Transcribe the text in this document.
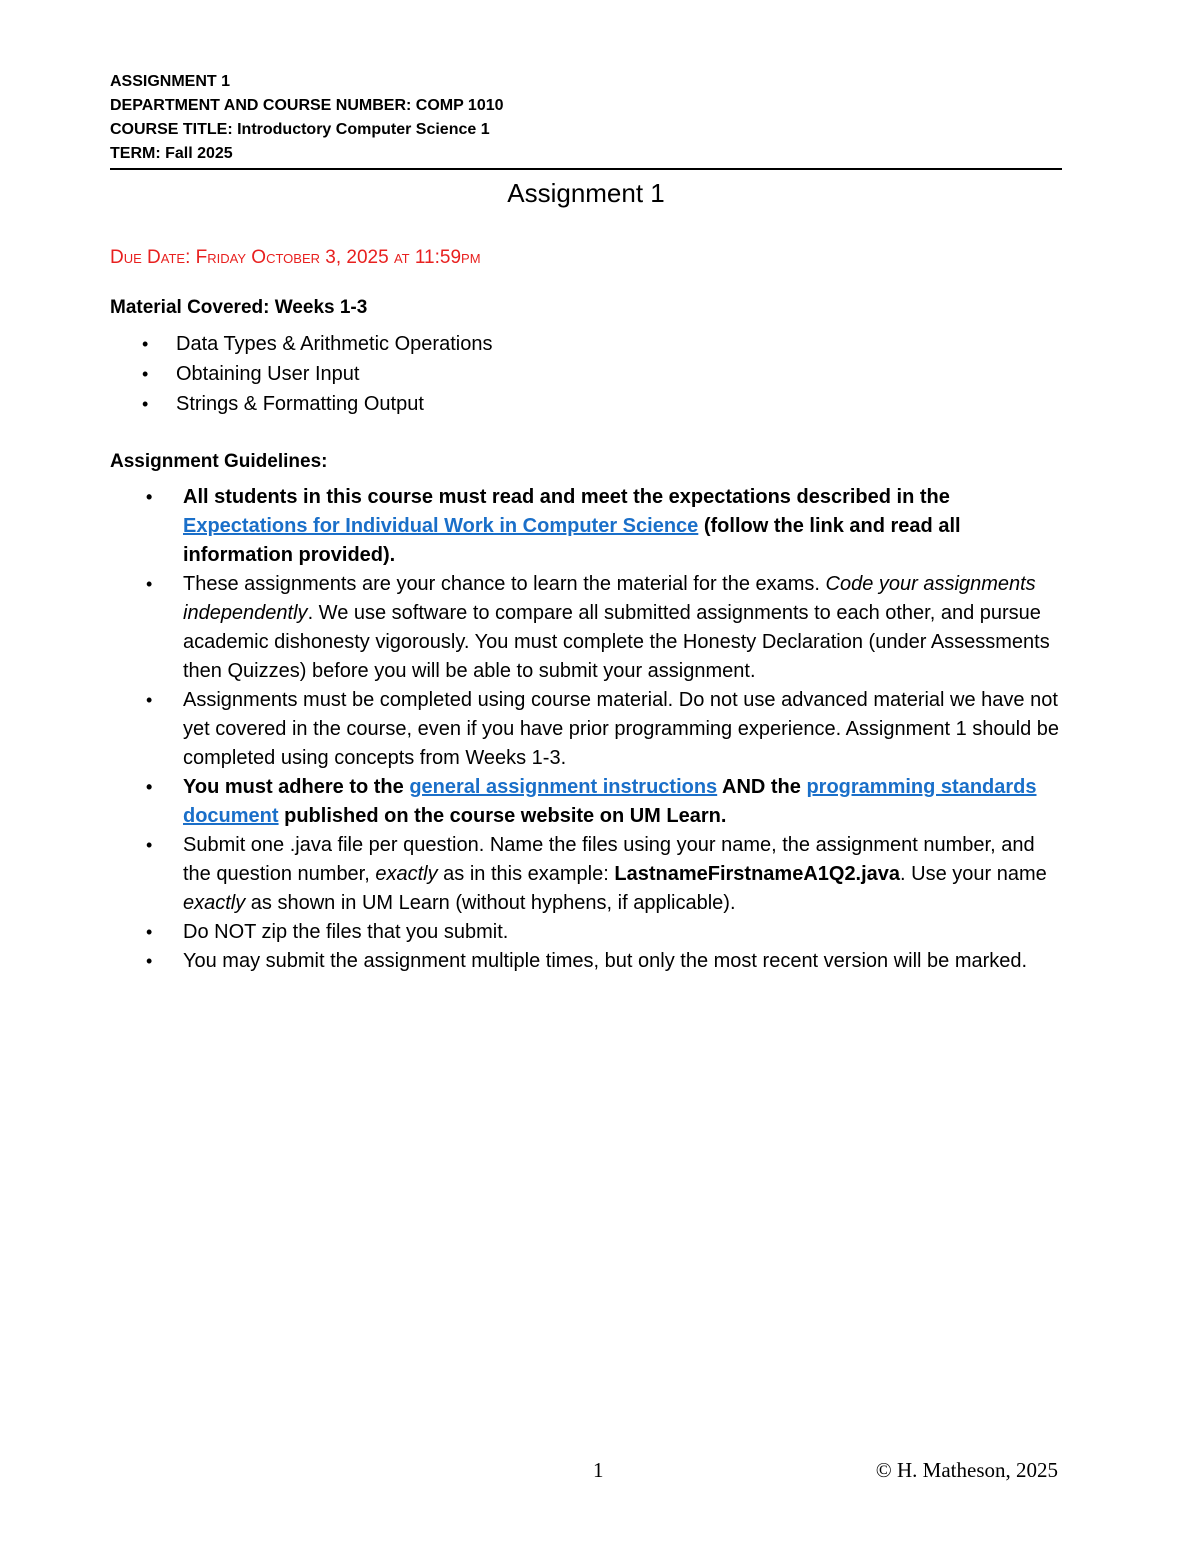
ASSIGNMENT 1

DEPARTMENT AND COURSE NUMBER: COMP 1010

COURSE TITLE: Introductory Computer Science 1

TERM: Fall 2025

Assignment 1
Due Date: Friday October 3, 2025 at 11:59pm
Material Covered: Weeks 1-3
• Data Types & Arithmetic Operations
• Obtaining User Input
• Strings & Formatting Output
Assignment Guidelines:
• All students in this course must read and meet the expectations described in the Expectations for Individual Work in Computer Science (follow the link and read all information provided).
• These assignments are your chance to learn the material for the exams. Code your assignments independently. We use software to compare all submitted assignments to each other, and pursue academic dishonesty vigorously. You must complete the Honesty Declaration (under Assessments then Quizzes) before you will be able to submit your assignment.
• Assignments must be completed using course material. Do not use advanced material we have not yet covered in the course, even if you have prior programming experience. Assignment 1 should be completed using concepts from Weeks 1-3.
• You must adhere to the general assignment instructions AND the programming standards document published on the course website on UM Learn.
• Submit one .java file per question. Name the files using your name, the assignment number, and the question number, exactly as in this example: LastnameFirstnameA1Q2.java. Use your name exactly as shown in UM Learn (without hyphens, if applicable).
• Do NOT zip the files that you submit.
• You may submit the assignment multiple times, but only the most recent version will be marked.
1	© H. Matheson, 2025
